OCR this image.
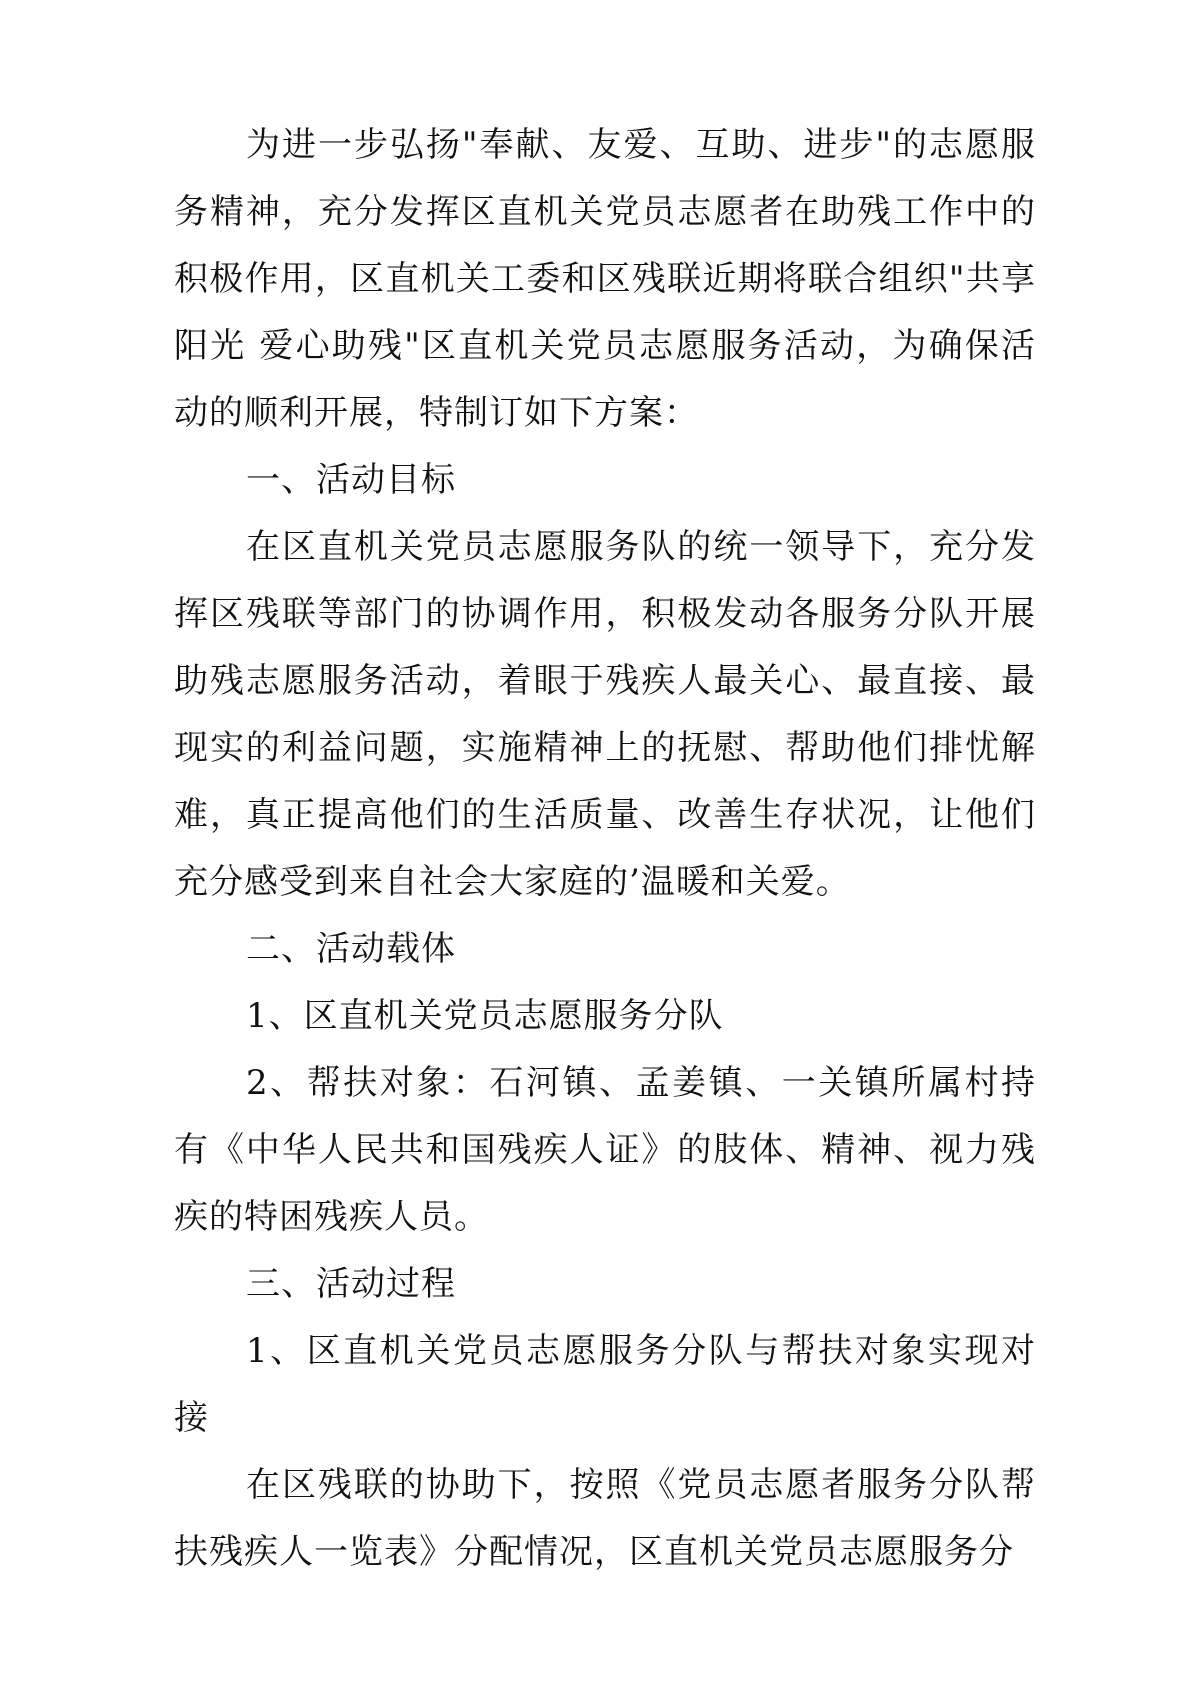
为进一步弘扬"奉献、友爱、互助、进步"的志愿服务精神，充分发挥区直机关党员志愿者在助残工作中的积极作用，区直机关工委和区残联近期将联合组织"共享阳光 爱心助残"区直机关党员志愿服务活动，为确保活动的顺利开展，特制订如下方案：

一、活动目标

在区直机关党员志愿服务队的统一领导下，充分发挥区残联等部门的协调作用，积极发动各服务分队开展助残志愿服务活动，着眼于残疾人最关心、最直接、最现实的利益问题，实施精神上的抚慰、帮助他们排忧解难，真正提高他们的生活质量、改善生存状况，让他们充分感受到来自社会大家庭的’温暖和关爱。

二、活动载体

1、区直机关党员志愿服务分队

2、帮扶对象：石河镇、孟姜镇、一关镇所属村持有《中华人民共和国残疾人证》的肢体、精神、视力残疾的特困残疾人员。

三、活动过程

1、区直机关党员志愿服务分队与帮扶对象实现对接

在区残联的协助下，按照《党员志愿者服务分队帮扶残疾人一览表》分配情况，区直机关党员志愿服务分
